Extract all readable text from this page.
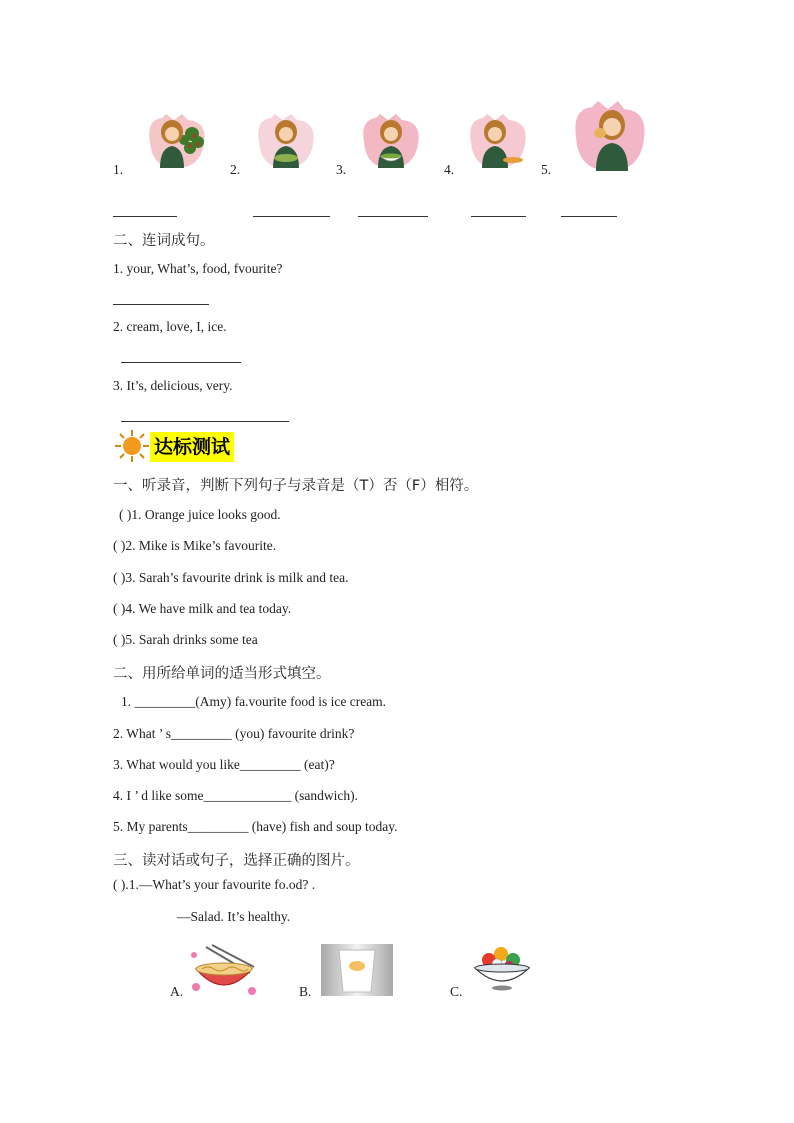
1.	2.	3.	4.	5.
二、连词成句。
1. your, What’s, food, fvourite?
2. cream, love, I, ice.
3. It’s, delicious, very.
达标测试
一、听录音，判断下列句子与录音是（T）否（F）相符。
( )1. Orange juice looks good.
( )2. Mike is Mike’s favourite.
( )3. Sarah’s favourite drink is milk and tea.
( )4. We have milk and tea today.
( )5. Sarah drinks some tea
二、用所给单词的适当形式填空。
1. _________(Amy) fa.vourite food is ice cream.
2. What ’ s_________ (you) favourite drink?
3. What would you like_________ (eat)?
4. I ’ d like some_____________ (sandwich).
5. My parents_________ (have) fish and soup today.
三、读对话或句子，选择正确的图片。
( ).1.—What’s your favourite fo.od? .
—Salad. It’s healthy.
A.	B.	C.
